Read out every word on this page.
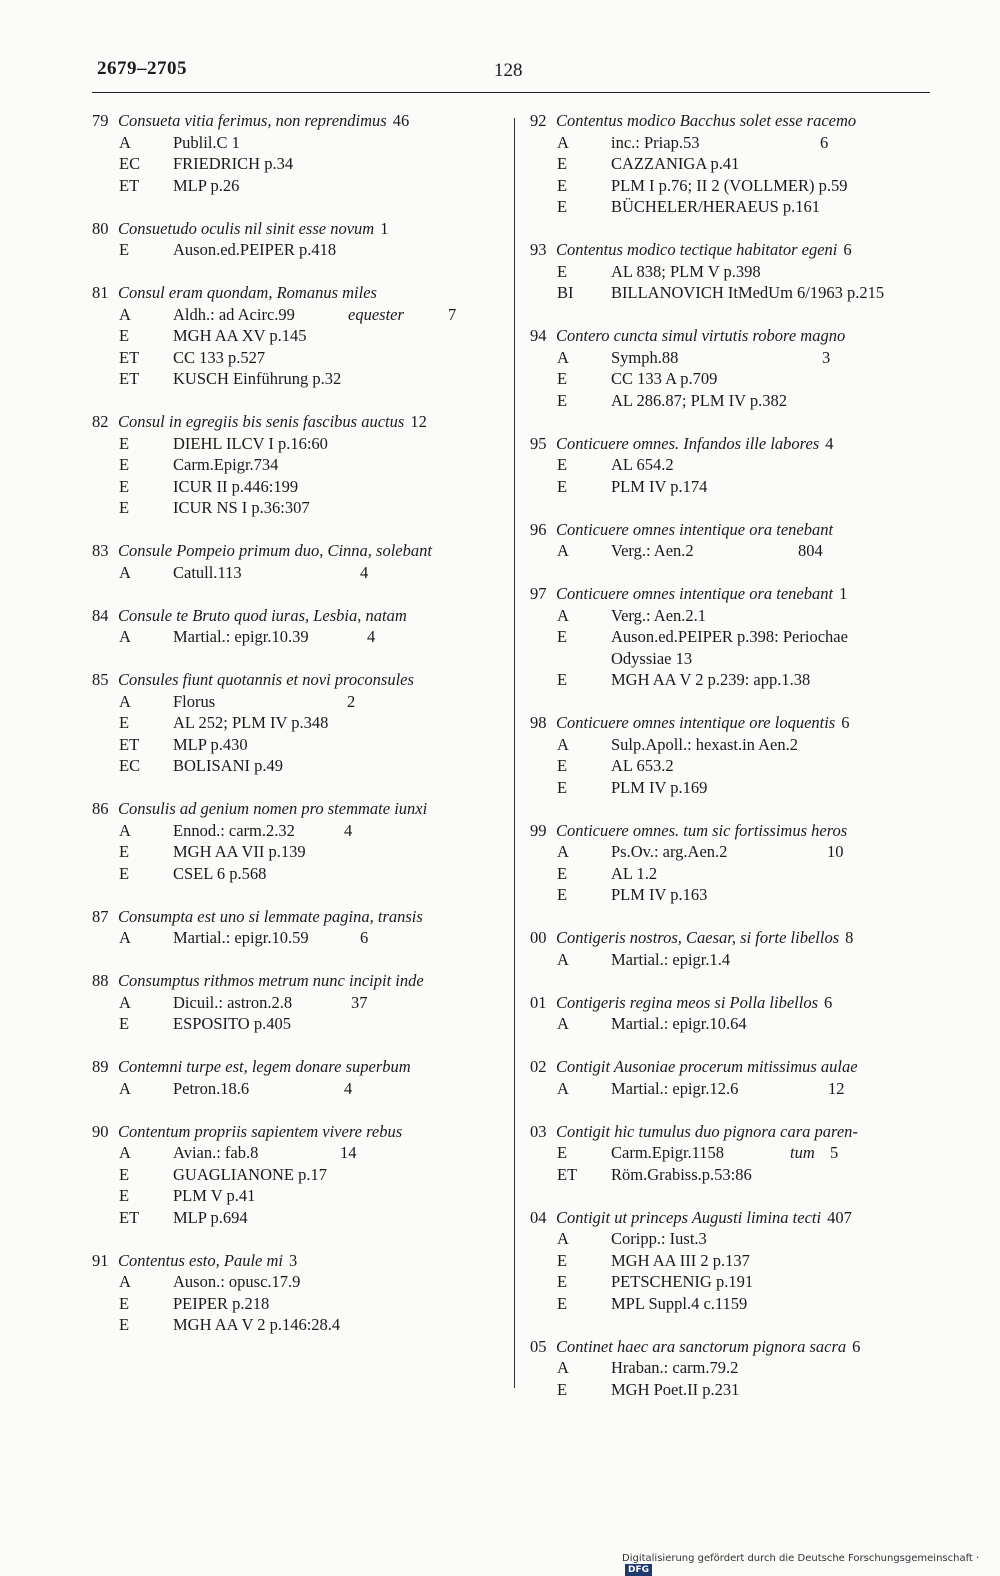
2679–2705	128
79 Consueta vitia ferimus, non reprendimus 46
A	Publil.C 1
EC	FRIEDRICH p.34
ET	MLP p.26
80 Consuetudo oculis nil sinit esse novum 1
E	Auson.ed.PEIPER p.418
81 Consul eram quondam, Romanus miles
A	Aldh.: ad Acirc.99	equester	7
E	MGH AA XV p.145
ET	CC 133 p.527
ET	KUSCH Einführung p.32
82 Consul in egregiis bis senis fascibus auctus 12
E	DIEHL ILCV I p.16:60
E	Carm.Epigr.734
E	ICUR II p.446:199
E	ICUR NS I p.36:307
83 Consule Pompeio primum duo, Cinna, solebant
A	Catull.113	4
84 Consule te Bruto quod iuras, Lesbia, natam
A	Martial.: epigr.10.39	4
85 Consules fiunt quotannis et novi proconsules
A	Florus	2
E	AL 252; PLM IV p.348
ET	MLP p.430
EC	BOLISANI p.49
86 Consulis ad genium nomen pro stemmate iunxi
A	Ennod.: carm.2.32	4
E	MGH AA VII p.139
E	CSEL 6 p.568
87 Consumpta est uno si lemmate pagina, transis
A	Martial.: epigr.10.59	6
88 Consumptus rithmos metrum nunc incipit inde
A	Dicuil.: astron.2.8	37
E	ESPOSITO p.405
89 Contemni turpe est, legem donare superbum
A	Petron.18.6	4
90 Contentum propriis sapientem vivere rebus
A	Avian.: fab.8	14
E	GUAGLIANONE p.17
E	PLM V p.41
ET	MLP p.694
91 Contentus esto, Paule mi 3
A	Auson.: opusc.17.9
E	PEIPER p.218
E	MGH AA V 2 p.146:28.4
92 Contentus modico Bacchus solet esse racemo
A	inc.: Priap.53	6
E	CAZZANIGA p.41
E	PLM I p.76; II 2 (VOLLMER) p.59
E	BÜCHELER/HERAEUS p.161
93 Contentus modico tectique habitator egeni 6
E	AL 838; PLM V p.398
BI	BILLANOVICH ItMedUm 6/1963 p.215
94 Contero cuncta simul virtutis robore magno
A	Symph.88	3
E	CC 133 A p.709
E	AL 286.87; PLM IV p.382
95 Conticuere omnes. Infandos ille labores 4
E	AL 654.2
E	PLM IV p.174
96 Conticuere omnes intentique ora tenebant
A	Verg.: Aen.2	804
97 Conticuere omnes intentique ora tenebant 1
A	Verg.: Aen.2.1
E	Auson.ed.PEIPER p.398: Periochae
Odyssiae 13
E	MGH AA V 2 p.239: app.1.38
98 Conticuere omnes intentique ore loquentis 6
A	Sulp.Apoll.: hexast.in Aen.2
E	AL 653.2
E	PLM IV p.169
99 Conticuere omnes. tum sic fortissimus heros
A	Ps.Ov.: arg.Aen.2	10
E	AL 1.2
E	PLM IV p.163
00 Contigeris nostros, Caesar, si forte libellos 8
A	Martial.: epigr.1.4
01 Contigeris regina meos si Polla libellos 6
A	Martial.: epigr.10.64
02 Contigit Ausoniae procerum mitissimus aulae
A	Martial.: epigr.12.6	12
03 Contigit hic tumulus duo pignora cara paren-
E	Carm.Epigr.1158	tum 5
ET	Röm.Grabiss.p.53:86
04 Contigit ut princeps Augusti limina tecti 407
A	Coripp.: Iust.3
E	MGH AA III 2 p.137
E	PETSCHENIG p.191
E	MPL Suppl.4 c.1159
05 Continet haec ara sanctorum pignora sacra 6
A	Hraban.: carm.79.2
E	MGH Poet.II p.231
Digitalisierung gefördert durch die Deutsche Forschungsgemeinschaft ·DFG
